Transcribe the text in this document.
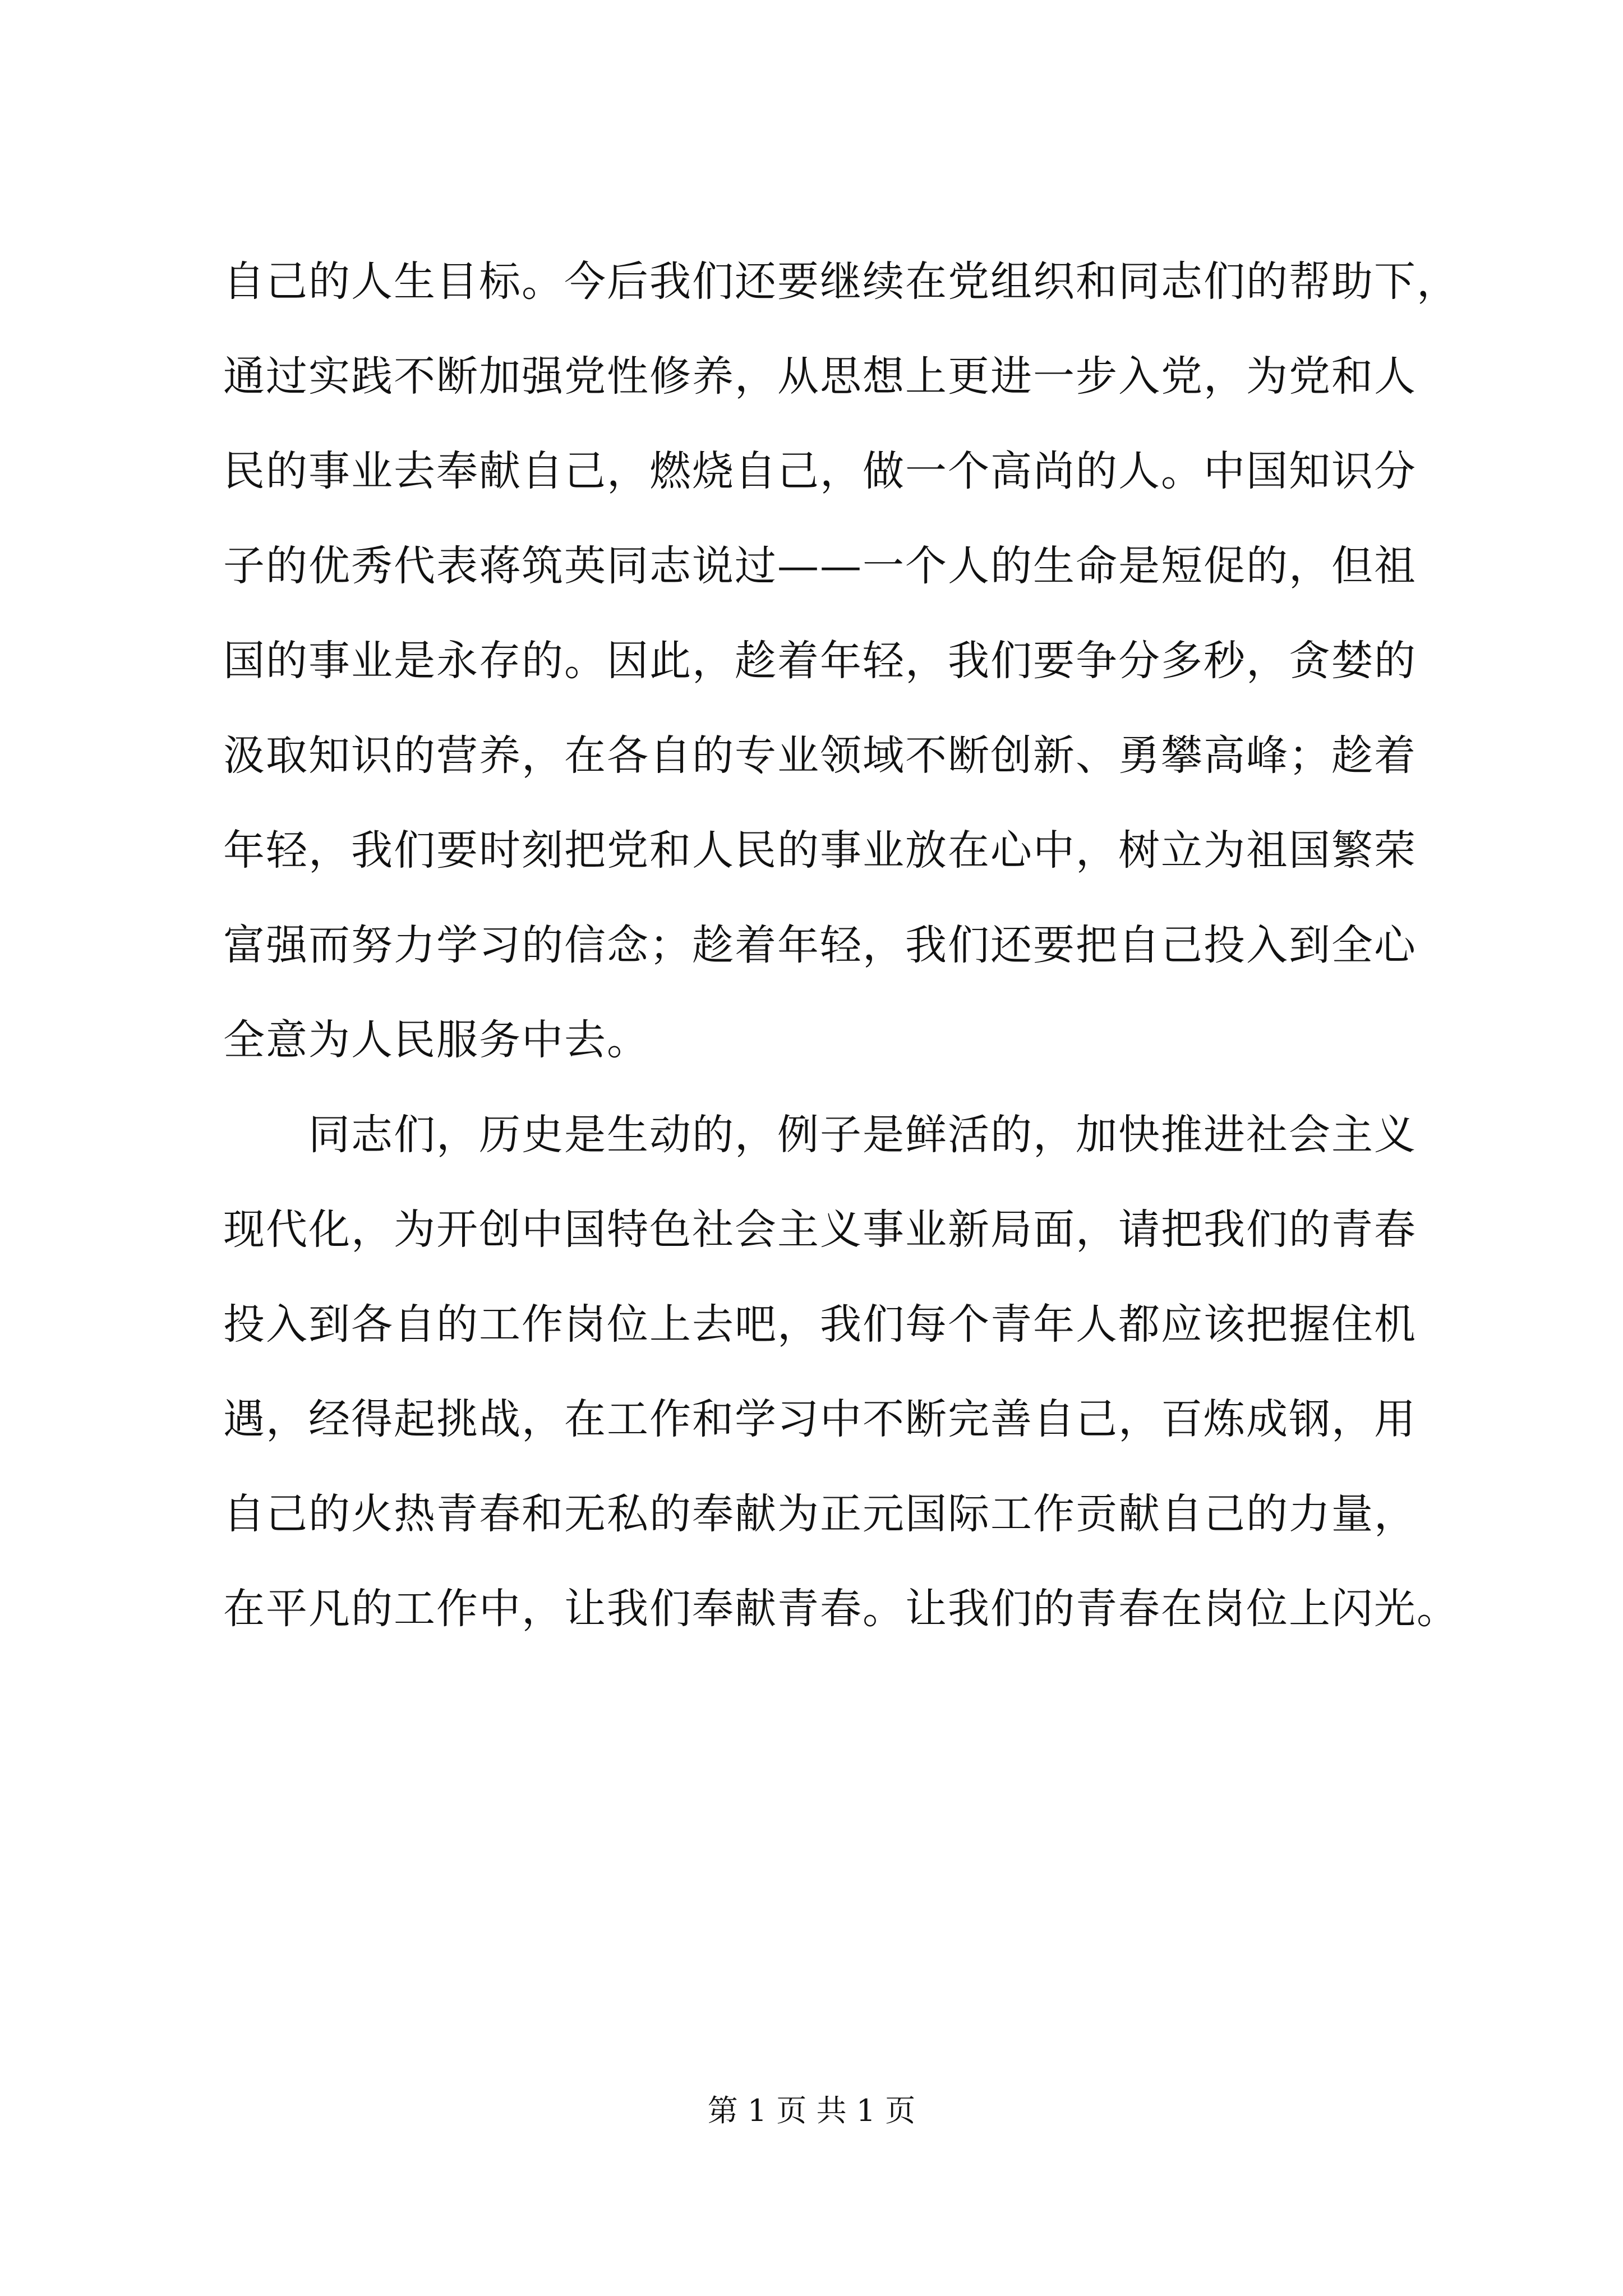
自己的人生目标。今后我们还要继续在党组织和同志们的帮助下，
通过实践不断加强党性修养，从思想上更进一步入党，为党和人
民的事业去奉献自己，燃烧自己，做一个高尚的人。中国知识分
子的优秀代表蒋筑英同志说过——一个人的生命是短促的，但祖
国的事业是永存的。因此，趁着年轻，我们要争分多秒，贪婪的
汲取知识的营养，在各自的专业领域不断创新、勇攀高峰；趁着
年轻，我们要时刻把党和人民的事业放在心中，树立为祖国繁荣
富强而努力学习的信念；趁着年轻，我们还要把自己投入到全心
全意为人民服务中去。
　　同志们，历史是生动的，例子是鲜活的，加快推进社会主义
现代化，为开创中国特色社会主义事业新局面，请把我们的青春
投入到各自的工作岗位上去吧，我们每个青年人都应该把握住机
遇，经得起挑战，在工作和学习中不断完善自己，百炼成钢，用
自己的火热青春和无私的奉献为正元国际工作贡献自己的力量，
在平凡的工作中，让我们奉献青春。让我们的青春在岗位上闪光。
第 1 页 共 1 页
